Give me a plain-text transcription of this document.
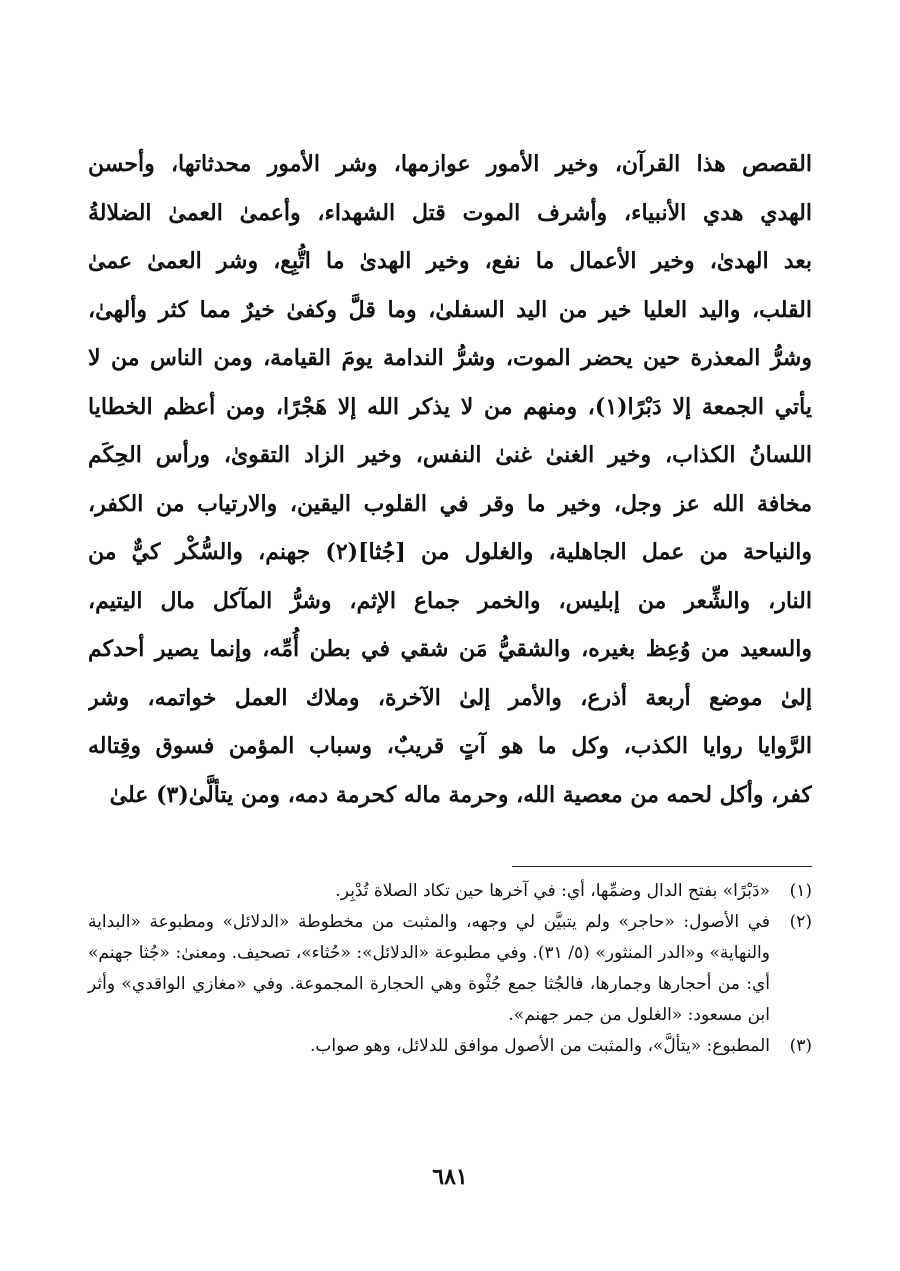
القصص هذا القرآن، وخير الأمور عوازمها، وشر الأمور محدثاتها، وأحسن
الهدي هدي الأنبياء، وأشرف الموت قتل الشهداء، وأعمىٰ العمىٰ الضلالةُ
بعد الهدىٰ، وخير الأعمال ما نفع، وخير الهدىٰ ما اتُّبِع، وشر العمىٰ عمىٰ
القلب، واليد العليا خير من اليد السفلىٰ، وما قلَّ وكفىٰ خيرٌ مما كثر وألهىٰ،
وشرُّ المعذرة حين يحضر الموت، وشرُّ الندامة يومَ القيامة، ومن الناس من لا
يأتي الجمعة إلا دَبْرًا(١)، ومنهم من لا يذكر الله إلا هَجْرًا، ومن أعظم الخطايا
اللسانُ الكذاب، وخير الغنىٰ غنىٰ النفس، وخير الزاد التقوىٰ، ورأس الحِكَم
مخافة الله عز وجل، وخير ما وقر في القلوب اليقين، والارتياب من الكفر،
والنياحة من عمل الجاهلية، والغلول من [جُثا](٢) جهنم، والسُّكْر كيٌّ من
النار، والشِّعر من إبليس، والخمر جماع الإثم، وشرُّ المآكل مال اليتيم،
والسعيد من وُعِظ بغيره، والشقيُّ مَن شقي في بطن أُمِّه، وإنما يصير أحدكم
إلىٰ موضع أربعة أذرع، والأمر إلىٰ الآخرة، وملاك العمل خواتمه، وشر
الرَّوايا روايا الكذب، وكل ما هو آتٍ قريبٌ، وسباب المؤمن فسوق وقِتاله
كفر، وأكل لحمه من معصية الله، وحرمة ماله كحرمة دمه، ومن يتألَّىٰ(٣) علىٰ
(١)
«دَبْرًا» بفتح الدال وضمِّها، أي: في آخرها حين تكاد الصلاة تُدْبِر.
(٢)
في الأصول: «حاجر» ولم يتبيَّن لي وجهه، والمثبت من مخطوطة «الدلائل» ومطبوعة «البداية والنهاية» و«الدر المنثور» (٥/ ٣١). وفي مطبوعة «الدلائل»: «حُثاء»، تصحيف. ومعنىٰ: «جُثا جهنم» أي: من أحجارها وجمارها، فالجُثا جمع جُثْوة وهي الحجارة المجموعة. وفي «مغازي الواقدي» وأثر ابن مسعود: «الغلول من جمر جهنم».
(٣)
المطبوع: «يتألَّ»، والمثبت من الأصول موافق للدلائل، وهو صواب.
٦٨١
